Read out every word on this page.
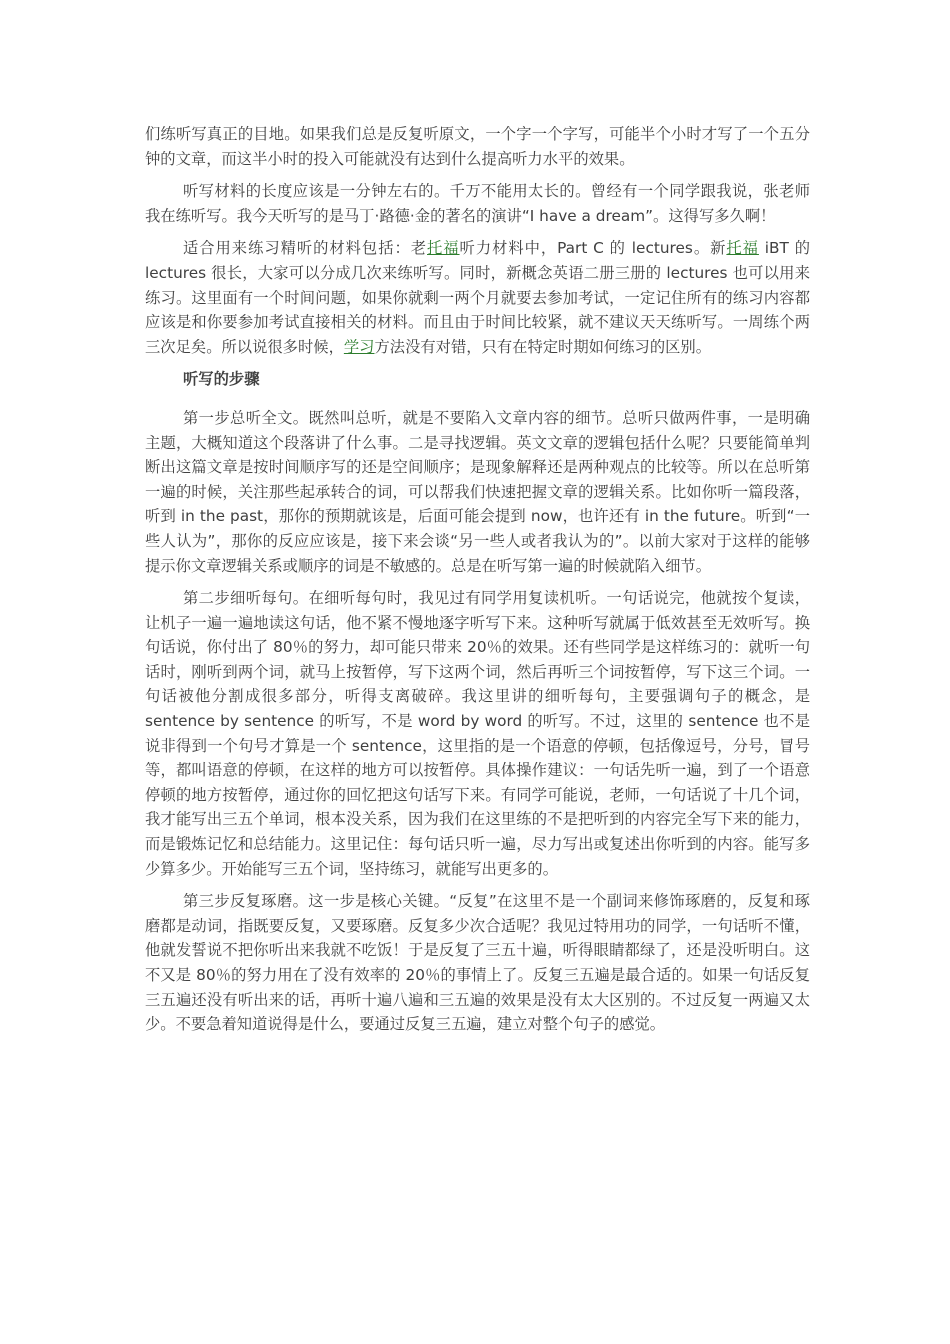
们练听写真正的目地。如果我们总是反复听原文，一个字一个字写，可能半个小时才写了一个五分钟的文章，而这半小时的投入可能就没有达到什么提高听力水平的效果。

听写材料的长度应该是一分钟左右的。千万不能用太长的。曾经有一个同学跟我说，张老师我在练听写。我今天听写的是马丁·路德·金的著名的演讲“I have a dream”。这得写多久啊！

适合用来练习精听的材料包括：老托福听力材料中，Part C 的 lectures。新托福 iBT 的 lectures 很长，大家可以分成几次来练听写。同时，新概念英语二册三册的 lectures 也可以用来练习。这里面有一个时间问题，如果你就剩一两个月就要去参加考试，一定记住所有的练习内容都应该是和你要参加考试直接相关的材料。而且由于时间比较紧，就不建议天天练听写。一周练个两三次足矣。所以说很多时候，学习方法没有对错，只有在特定时期如何练习的区别。

听写的步骤

第一步总听全文。既然叫总听，就是不要陷入文章内容的细节。总听只做两件事，一是明确主题，大概知道这个段落讲了什么事。二是寻找逻辑。英文文章的逻辑包括什么呢？只要能简单判断出这篇文章是按时间顺序写的还是空间顺序；是现象解释还是两种观点的比较等。所以在总听第一遍的时候，关注那些起承转合的词，可以帮我们快速把握文章的逻辑关系。比如你听一篇段落，听到 in the past，那你的预期就该是，后面可能会提到 now，也许还有 in the future。听到“一些人认为”，那你的反应应该是，接下来会谈“另一些人或者我认为的”。以前大家对于这样的能够提示你文章逻辑关系或顺序的词是不敏感的。总是在听写第一遍的时候就陷入细节。

第二步细听每句。在细听每句时，我见过有同学用复读机听。一句话说完，他就按个复读，让机子一遍一遍地读这句话，他不紧不慢地逐字听写下来。这种听写就属于低效甚至无效听写。换句话说，你付出了 80％的努力，却可能只带来 20％的效果。还有些同学是这样练习的：就听一句话时，刚听到两个词，就马上按暂停，写下这两个词，然后再听三个词按暂停，写下这三个词。一句话被他分割成很多部分，听得支离破碎。我这里讲的细听每句，主要强调句子的概念，是 sentence by sentence 的听写，不是 word by word 的听写。不过，这里的 sentence 也不是说非得到一个句号才算是一个 sentence，这里指的是一个语意的停顿，包括像逗号，分号，冒号等，都叫语意的停顿，在这样的地方可以按暂停。具体操作建议：一句话先听一遍，到了一个语意停顿的地方按暂停，通过你的回忆把这句话写下来。有同学可能说，老师，一句话说了十几个词，我才能写出三五个单词，根本没关系，因为我们在这里练的不是把听到的内容完全写下来的能力，而是锻炼记忆和总结能力。这里记住：每句话只听一遍，尽力写出或复述出你听到的内容。能写多少算多少。开始能写三五个词，坚持练习，就能写出更多的。

第三步反复琢磨。这一步是核心关键。“反复”在这里不是一个副词来修饰琢磨的，反复和琢磨都是动词，指既要反复，又要琢磨。反复多少次合适呢？我见过特用功的同学，一句话听不懂，他就发誓说不把你听出来我就不吃饭！于是反复了三五十遍，听得眼睛都绿了，还是没听明白。这不又是 80％的努力用在了没有效率的 20％的事情上了。反复三五遍是最合适的。如果一句话反复三五遍还没有听出来的话，再听十遍八遍和三五遍的效果是没有太大区别的。不过反复一两遍又太少。不要急着知道说得是什么，要通过反复三五遍，建立对整个句子的感觉。
